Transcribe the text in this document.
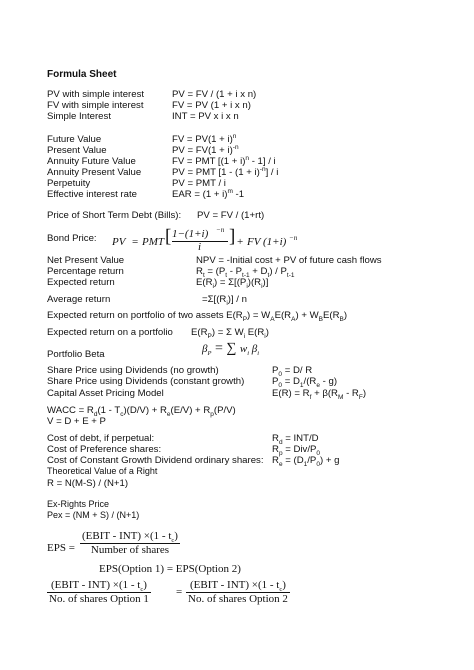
Formula Sheet
PV with simple interest	PV = FV / (1 + i x n)
FV with simple interest	FV = PV (1 + i x n)
Simple Interest	INT = PV x i x n
Future Value	FV = $PV(1 + i)^n$
Present Value	PV = $FV(1 + i)^{-n}$
Annuity Future Value	FV = PMT $[(1 + i)^n - 1] / i$
Annuity Present Value	PV = PMT $[1 - (1 + i)^{-n}] / i$
Perpetuity	PV = PMT / i
Effective interest rate	EAR = $(1 + i)^m$ -1
Price of Short Term Debt (Bills): PV = FV / (1+rt)
Bond Price: PV = PMT [ 1−(1+i) −n
i ] + FV (1+i) −n
Net Present Value	NPV = -Initial cost + PV of future cash flows
Percentage return	$R_t = (P_t - P_{t-1} + D_t) / P_{t-1}$
Expected return	$E(R_i) = \Sigma[(P_i)(R_i)]$
Average return	$=\Sigma[(R_i)] / n$
Expected return on portfolio of two assets $E(R_P) = W_AE(R_A) + W_BE(R_B)$
Expected return on a portfolio $E(R_P) = \Sigma$ $W_i$ $E(R_i)$
Portfolio Beta	$\beta_P$ = ∑ $w_i$ $\beta_i$
Share Price using Dividends (no growth)	$P_0 = D/$ R
Share Price using Dividends (constant growth)	$P_0 = D_1/(R_e - g)$
Capital Asset Pricing Model	$E(R) = R_f + \beta(R_M - R_F)$
WACC = $R_d(1 - T_c)(D/V) + R_e(E/V) + R_p(P/V)$
V = D + E + P
Cost of debt, if perpetual:	$R_d = INT/D$
Cost of Preference shares:	$R_p = Div/P_0$
Cost of Constant Growth Dividend ordinary shares: $R_e = (D_1/P_0) + g$
Theoretical Value of a Right
R = N(M-S) / (N+1)
Ex-Rights Price
Pex = (NM + S) / (N+1)
EPS =
(EBIT - $INT) \times(1 - t_c)$
Number of shares
EPS(Option 1) = EPS(Option 2)
(EBIT - $INT) \times(1 - t_c)$
No. of shares Option 1
=
(EBIT - $INT) \times(1 - t_c)$
No. of shares Option 2
